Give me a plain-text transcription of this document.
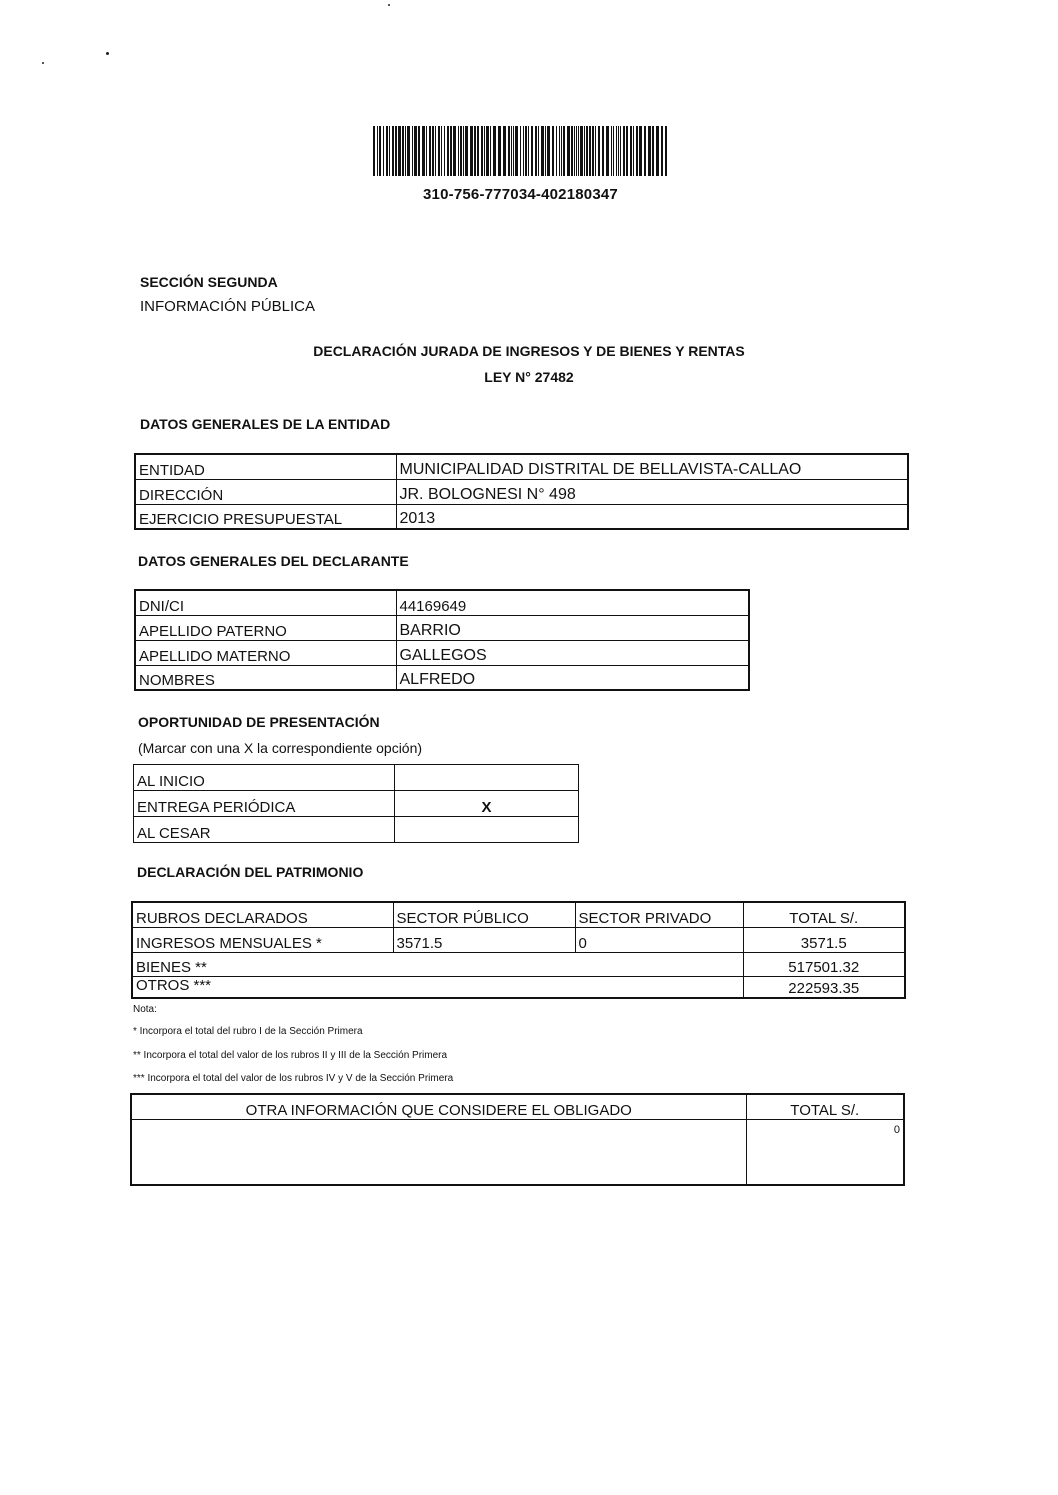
310-756-777034-402180347
SECCIÓN SEGUNDA
INFORMACIÓN PÚBLICA
DECLARACIÓN JURADA DE INGRESOS Y DE BIENES Y RENTAS
LEY N° 27482
DATOS GENERALES DE LA ENTIDAD
ENTIDAD	MUNICIPALIDAD DISTRITAL DE BELLAVISTA-CALLAO
DIRECCIÓN	JR. BOLOGNESI N° 498
EJERCICIO PRESUPUESTAL	2013
DATOS GENERALES DEL DECLARANTE
DNI/CI	44169649
APELLIDO PATERNO	BARRIO
APELLIDO MATERNO	GALLEGOS
NOMBRES	ALFREDO
OPORTUNIDAD DE PRESENTACIÓN
(Marcar con una X la correspondiente opción)
AL INICIO	
ENTREGA PERIÓDICA	X
AL CESAR	
DECLARACIÓN DEL PATRIMONIO
RUBROS DECLARADOS	SECTOR PÚBLICO	SECTOR PRIVADO	TOTAL S/.
INGRESOS MENSUALES *	3571.5	0	3571.5
BIENES **			517501.32
OTROS ***			222593.35
Nota:
* Incorpora el total del rubro I de la Sección Primera
** Incorpora el total del valor de los rubros II y III de la Sección Primera
*** Incorpora el total del valor de los rubros IV y V de la Sección Primera
OTRA INFORMACIÓN QUE CONSIDERE EL OBLIGADO	TOTAL S/.
	0
